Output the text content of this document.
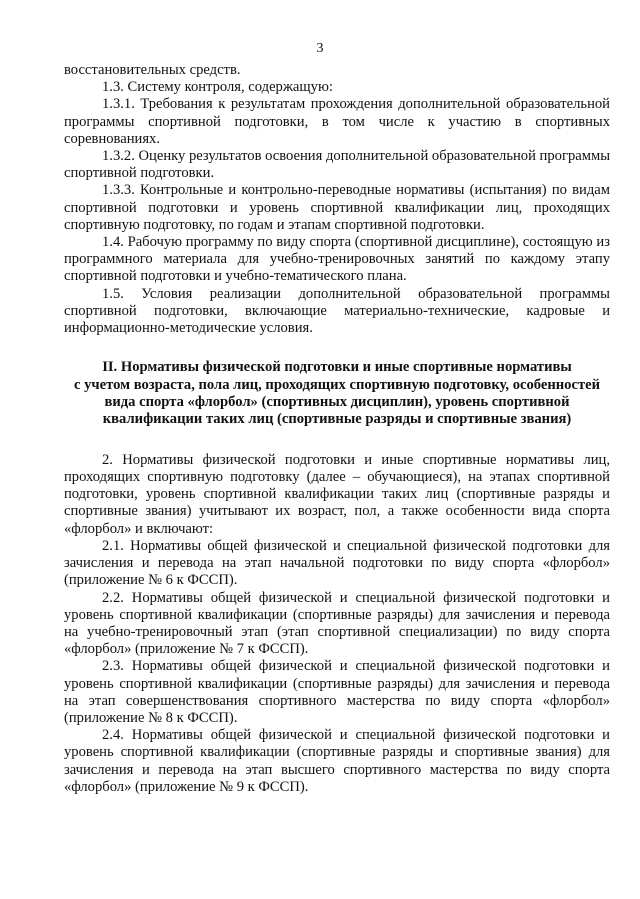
3

восстановительных средств.

1.3. Систему контроля, содержащую:

1.3.1. Требования к результатам прохождения дополнительной образовательной программы спортивной подготовки, в том числе к участию в спортивных соревнованиях.

1.3.2. Оценку результатов освоения дополнительной образовательной программы спортивной подготовки.

1.3.3. Контрольные и контрольно-переводные нормативы (испытания) по видам спортивной подготовки и уровень спортивной квалификации лиц, проходящих спортивную подготовку, по годам и этапам спортивной подготовки.

1.4. Рабочую программу по виду спорта (спортивной дисциплине), состоящую из программного материала для учебно-тренировочных занятий по каждому этапу спортивной подготовки и учебно-тематического плана.

1.5. Условия реализации дополнительной образовательной программы спортивной подготовки, включающие материально-технические, кадровые и информационно-методические условия.

II. Нормативы физической подготовки и иные спортивные нормативы
с учетом возраста, пола лиц, проходящих спортивную подготовку, особенностей
вида спорта «флорбол» (спортивных дисциплин), уровень спортивной
квалификации таких лиц (спортивные разряды и спортивные звания)

2. Нормативы физической подготовки и иные спортивные нормативы лиц, проходящих спортивную подготовку (далее – обучающиеся), на этапах спортивной подготовки, уровень спортивной квалификации таких лиц (спортивные разряды и спортивные звания) учитывают их возраст, пол, а также особенности вида спорта «флорбол» и включают:

2.1. Нормативы общей физической и специальной физической подготовки для зачисления и перевода на этап начальной подготовки по виду спорта «флорбол» (приложение № 6 к ФССП).

2.2. Нормативы общей физической и специальной физической подготовки и уровень спортивной квалификации (спортивные разряды) для зачисления и перевода на учебно-тренировочный этап (этап спортивной специализации) по виду спорта «флорбол» (приложение № 7 к ФССП).

2.3. Нормативы общей физической и специальной физической подготовки и уровень спортивной квалификации (спортивные разряды) для зачисления и перевода на этап совершенствования спортивного мастерства по виду спорта «флорбол» (приложение № 8 к ФССП).

2.4. Нормативы общей физической и специальной физической подготовки и уровень спортивной квалификации (спортивные разряды и спортивные звания) для зачисления и перевода на этап высшего спортивного мастерства по виду спорта «флорбол» (приложение № 9 к ФССП).
